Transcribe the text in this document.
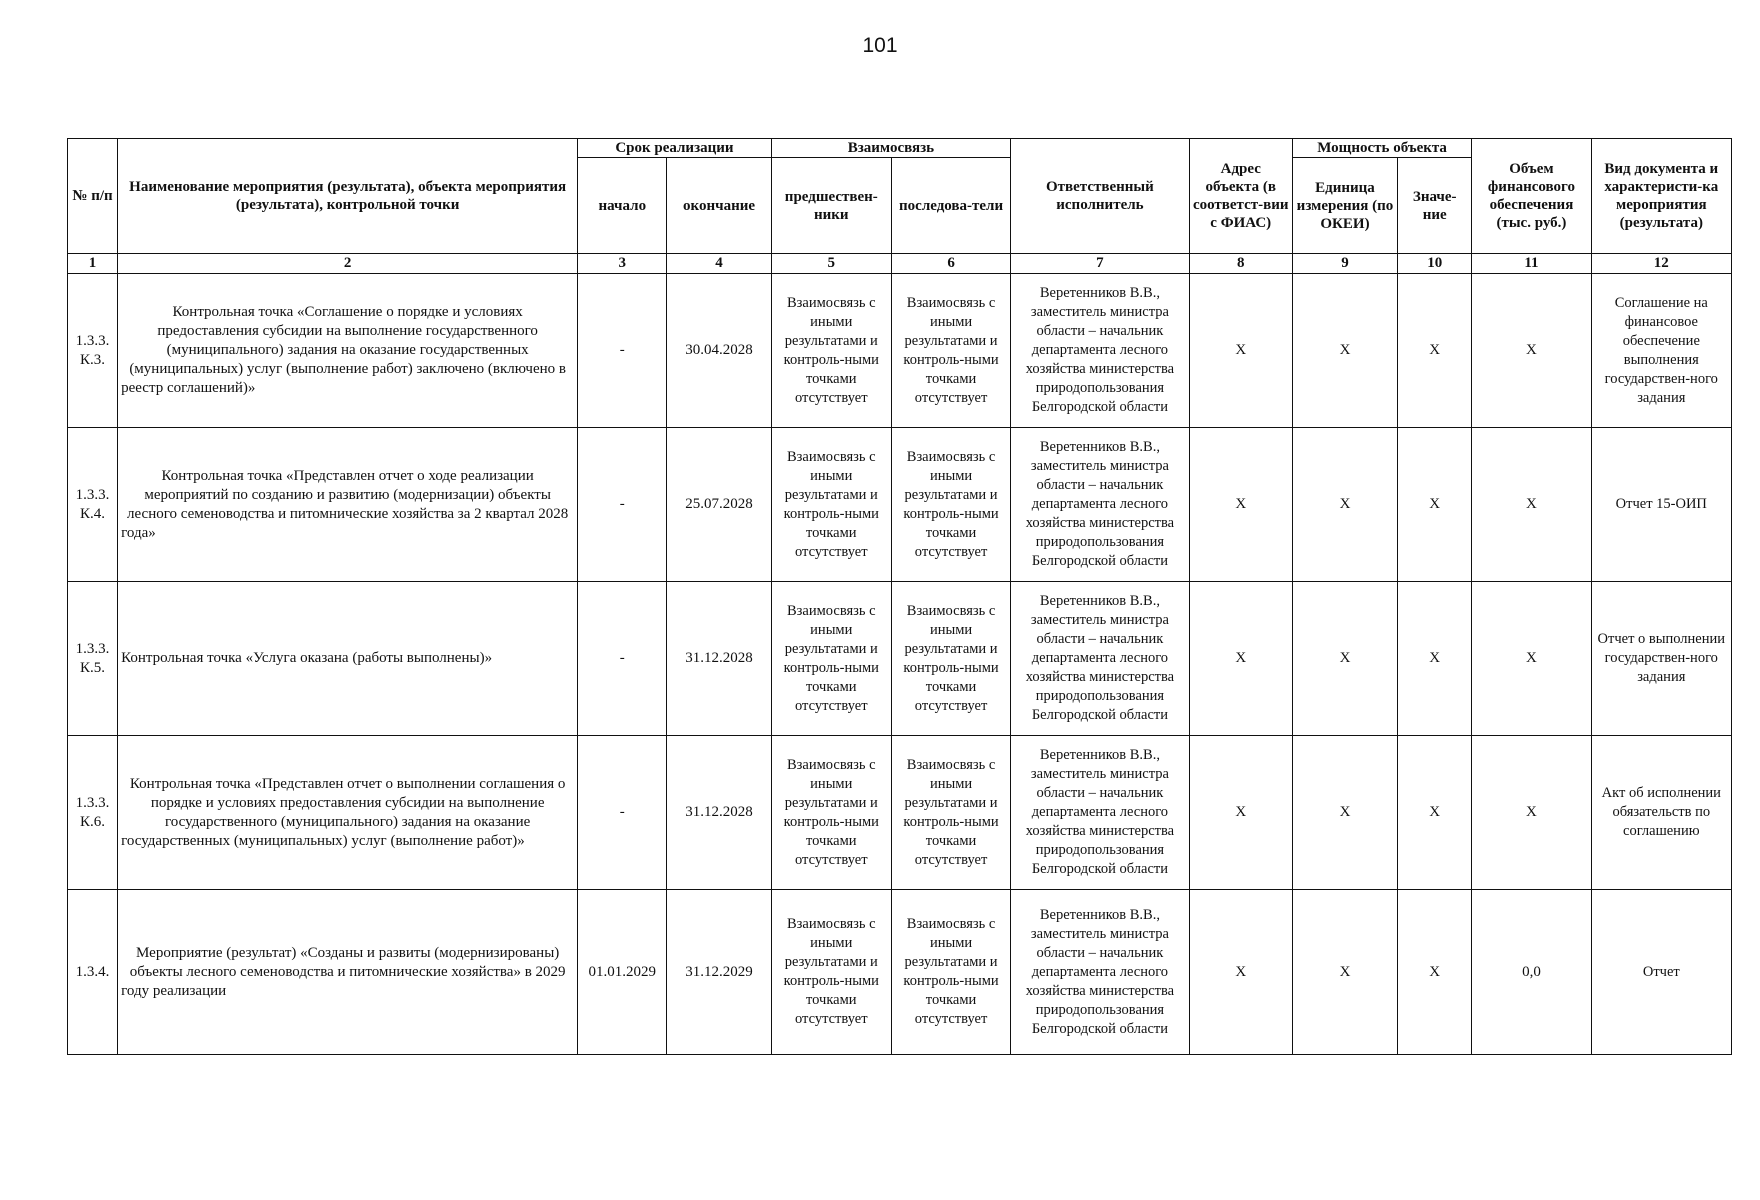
101
№ п/п	Наименование мероприятия (результата), объекта мероприятия (результата), контрольной точки	Срок реализации		Взаимосвязь		Ответственный исполнитель	Адрес объекта (в соответст-вии с ФИАС)	Мощность объекта		Объем финансового обеспечения (тыс. руб.)	Вид документа и характеристи-ка мероприятия (результата)
		начало	окончание	предшествен-ники	последова-тели			Единица измерения (по ОКЕИ)	Значе-ние		
1	2	3	4	5	6	7	8	9	10	11	12
1.3.3. К.3.	Контрольная точка «Соглашение о порядке и условиях предоставления субсидии на выполнение государственного (муниципального) задания на оказание государственных (муниципальных) услуг (выполнение работ) заключено (включено в реестр соглашений)»	-	30.04.2028	Взаимосвязь с иными результатами и контроль-ными точками отсутствует	Взаимосвязь с иными результатами и контроль-ными точками отсутствует	Веретенников В.В., заместитель министра области – начальник департамента лесного хозяйства министерства природопользования Белгородской области	X	X	X	X	Соглашение на финансовое обеспечение выполнения государствен-ного задания
1.3.3. К.4.	Контрольная точка «Представлен отчет о ходе реализации мероприятий по созданию и развитию (модернизации) объекты лесного семеноводства и питомнические хозяйства за 2 квартал 2028 года»	-	25.07.2028	Взаимосвязь с иными результатами и контроль-ными точками отсутствует	Взаимосвязь с иными результатами и контроль-ными точками отсутствует	Веретенников В.В., заместитель министра области – начальник департамента лесного хозяйства министерства природопользования Белгородской области	X	X	X	X	Отчет 15-ОИП
1.3.3. К.5.	Контрольная точка «Услуга оказана (работы выполнены)»	-	31.12.2028	Взаимосвязь с иными результатами и контроль-ными точками отсутствует	Взаимосвязь с иными результатами и контроль-ными точками отсутствует	Веретенников В.В., заместитель министра области – начальник департамента лесного хозяйства министерства природопользования Белгородской области	X	X	X	X	Отчет о выполнении государствен-ного задания
1.3.3. К.6.	Контрольная точка «Представлен отчет о выполнении соглашения о порядке и условиях предоставления субсидии на выполнение государственного (муниципального) задания на оказание государственных (муниципальных) услуг (выполнение работ)»	-	31.12.2028	Взаимосвязь с иными результатами и контроль-ными точками отсутствует	Взаимосвязь с иными результатами и контроль-ными точками отсутствует	Веретенников В.В., заместитель министра области – начальник департамента лесного хозяйства министерства природопользования Белгородской области	X	X	X	X	Акт об исполнении обязательств по соглашению
1.3.4.	Мероприятие (результат) «Созданы и развиты (модернизированы) объекты лесного семеноводства и питомнические хозяйства» в 2029 году реализации	01.01.2029	31.12.2029	Взаимосвязь с иными результатами и контроль-ными точками отсутствует	Взаимосвязь с иными результатами и контроль-ными точками отсутствует	Веретенников В.В., заместитель министра области – начальник департамента лесного хозяйства министерства природопользования Белгородской области	X	X	X	0,0	Отчет
